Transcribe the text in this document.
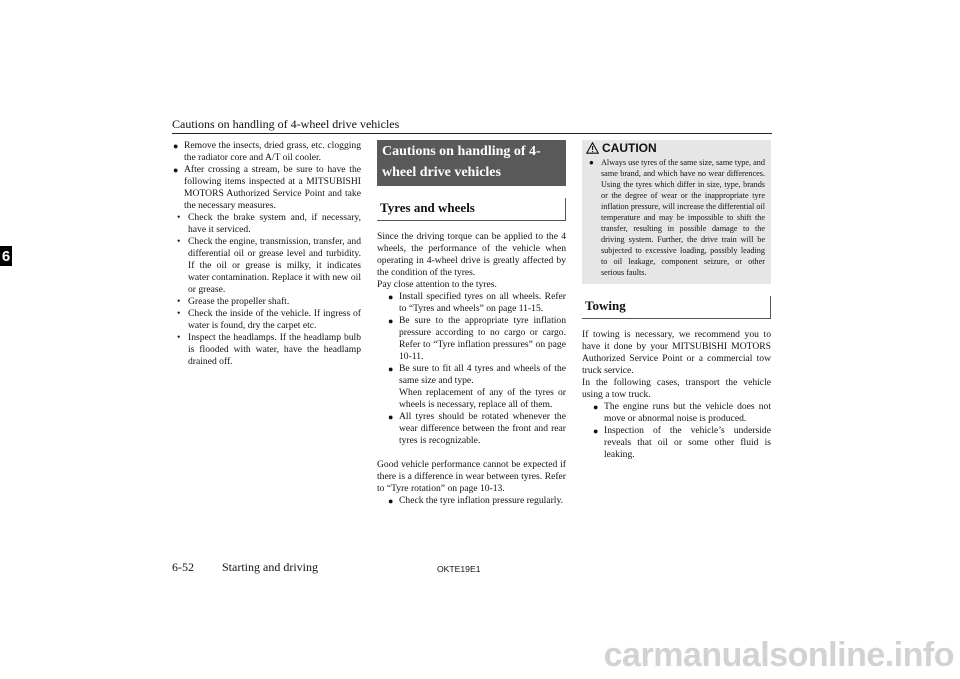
Cautions on handling of 4-wheel drive vehicles
6
● Remove the insects, dried grass, etc. clogging the radiator core and A/T oil cooler.
● After crossing a stream, be sure to have the following items inspected at a MITSUBISHI MOTORS Authorized Service Point and take the necessary measures.
• Check the brake system and, if necessary, have it serviced.
• Check the engine, transmission, transfer, and differential oil or grease level and turbidity. If the oil or grease is milky, it indicates water contamination. Replace it with new oil or grease.
• Grease the propeller shaft.
• Check the inside of the vehicle. If ingress of water is found, dry the carpet etc.
• Inspect the headlamps. If the headlamp bulb is flooded with water, have the headlamp drained off.
Cautions on handling of 4-wheel drive vehicles
Tyres and wheels

Since the driving torque can be applied to the 4 wheels, the performance of the vehicle when operating in 4-wheel drive is greatly affected by the condition of the tyres.

Pay close attention to the tyres.

● Install specified tyres on all wheels. Refer to “Tyres and wheels” on page 11-15.
● Be sure to the appropriate tyre inflation pressure according to no cargo or cargo. Refer to “Tyre inflation pressures” on page 10-11.
● Be sure to fit all 4 tyres and wheels of the same size and type.
When replacement of any of the tyres or wheels is necessary, replace all of them.
● All tyres should be rotated whenever the wear difference between the front and rear tyres is recognizable.

Good vehicle performance cannot be expected if there is a difference in wear between tyres. Refer to “Tyre rotation” on page 10-13.

● Check the tyre inflation pressure regularly.
CAUTION
● Always use tyres of the same size, same type, and same brand, and which have no wear differences. Using the tyres which differ in size, type, brands or the degree of wear or the inappropriate tyre inflation pressure, will increase the differential oil temperature and may be impossible to shift the transfer, resulting in possible damage to the driving system. Further, the drive train will be subjected to excessive loading, possibly leading to oil leakage, component seizure, or other serious faults.
Towing

If towing is necessary, we recommend you to have it done by your MITSUBISHI MOTORS Authorized Service Point or a commercial tow truck service.

In the following cases, transport the vehicle using a tow truck.

● The engine runs but the vehicle does not move or abnormal noise is produced.
● Inspection of the vehicle’s underside reveals that oil or some other fluid is leaking.
6-52 Starting and driving	OKTE19E1
carmanualsonline.info
